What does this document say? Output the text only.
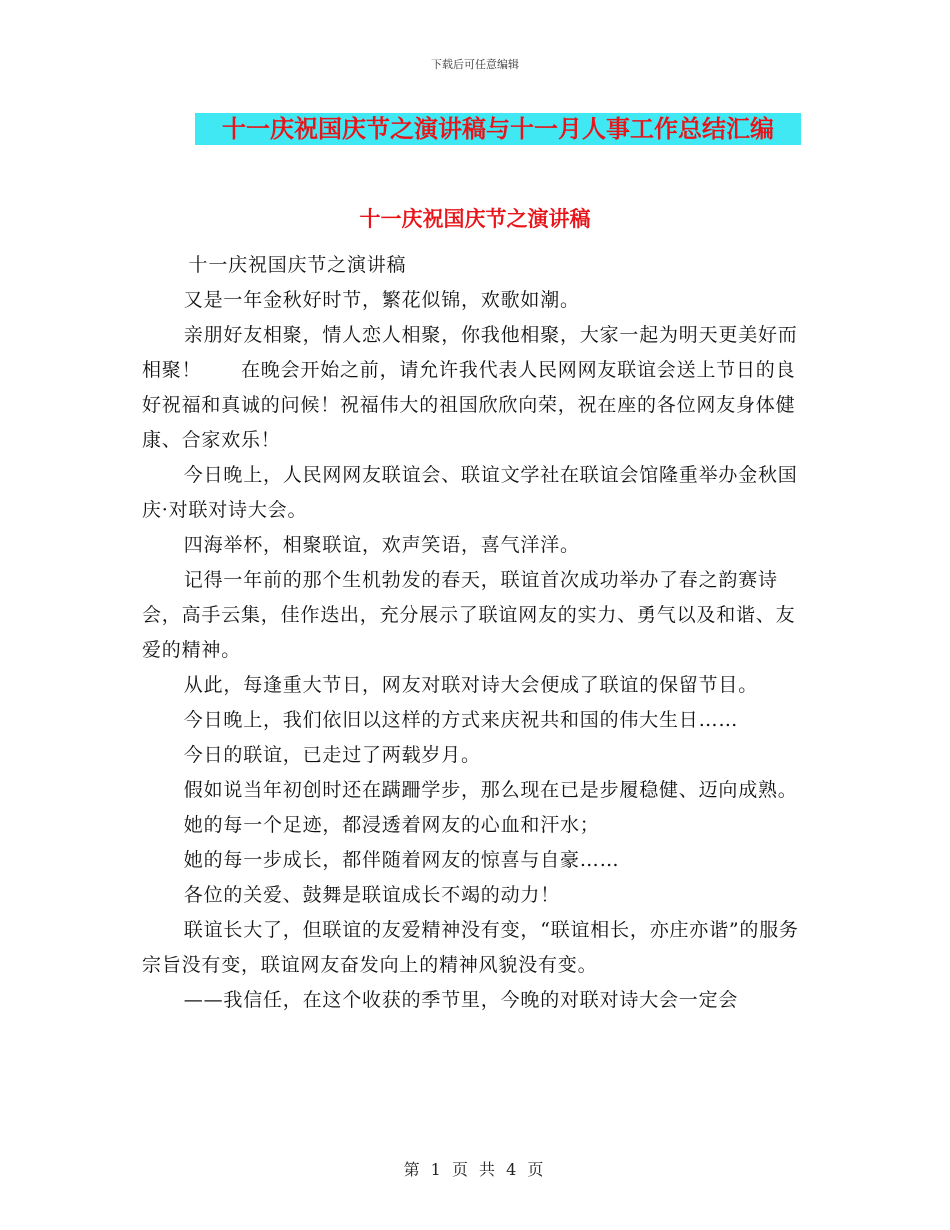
下载后可任意编辑
十一庆祝国庆节之演讲稿与十一月人事工作总结汇编
十一庆祝国庆节之演讲稿

十一庆祝国庆节之演讲稿

又是一年金秋好时节，繁花似锦，欢歌如潮。

亲朋好友相聚，情人恋人相聚，你我他相聚，大家一起为明天更美好而相聚！　　在晚会开始之前，请允许我代表人民网网友联谊会送上节日的良好祝福和真诚的问候！祝福伟大的祖国欣欣向荣，祝在座的各位网友身体健康、合家欢乐！

今日晚上，人民网网友联谊会、联谊文学社在联谊会馆隆重举办金秋国庆·对联对诗大会。

四海举杯，相聚联谊，欢声笑语，喜气洋洋。

记得一年前的那个生机勃发的春天，联谊首次成功举办了春之韵赛诗会，高手云集，佳作迭出，充分展示了联谊网友的实力、勇气以及和谐、友爱的精神。

从此，每逢重大节日，网友对联对诗大会便成了联谊的保留节目。

今日晚上，我们依旧以这样的方式来庆祝共和国的伟大生日……

今日的联谊，已走过了两载岁月。

假如说当年初创时还在蹒跚学步，那么现在已是步履稳健、迈向成熟。

她的每一个足迹，都浸透着网友的心血和汗水；

她的每一步成长，都伴随着网友的惊喜与自豪……

各位的关爱、鼓舞是联谊成长不竭的动力！

联谊长大了，但联谊的友爱精神没有变，“联谊相长，亦庄亦谐”的服务宗旨没有变，联谊网友奋发向上的精神风貌没有变。

——我信任，在这个收获的季节里，今晚的对联对诗大会一定会

第 1 页 共 4 页
